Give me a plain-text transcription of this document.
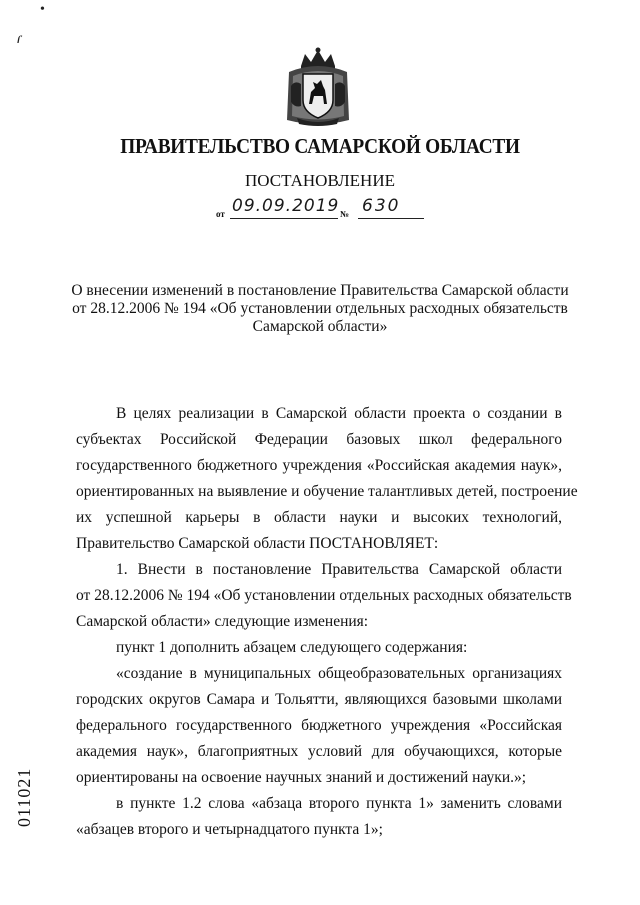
•
ɾ
ПРАВИТЕЛЬСТВО САМАРСКОЙ ОБЛАСТИ
ПОСТАНОВЛЕНИЕ
от 09.09.2019 № 630
О внесении изменений в постановление Правительства Самарской области
от 28.12.2006 № 194 «Об установлении отдельных расходных обязательств
Самарской области»
В целях реализации в Самарской области проекта о создании в
субъектах Российской Федерации базовых школ федерального
государственного бюджетного учреждения «Российская академия наук»,
ориентированных на выявление и обучение талантливых детей, построение
их успешной карьеры в области науки и высоких технологий,
Правительство Самарской области ПОСТАНОВЛЯЕТ:
1. Внести в постановление Правительства Самарской области
от 28.12.2006 № 194 «Об установлении отдельных расходных обязательств
Самарской области» следующие изменения:
пункт 1 дополнить абзацем следующего содержания:
«создание в муниципальных общеобразовательных организациях
городских округов Самара и Тольятти, являющихся базовыми школами
федерального государственного бюджетного учреждения «Российская
академия наук», благоприятных условий для обучающихся, которые
ориентированы на освоение научных знаний и достижений науки.»;
в пункте 1.2 слова «абзаца второго пункта 1» заменить словами
«абзацев второго и четырнадцатого пункта 1»;
011021
